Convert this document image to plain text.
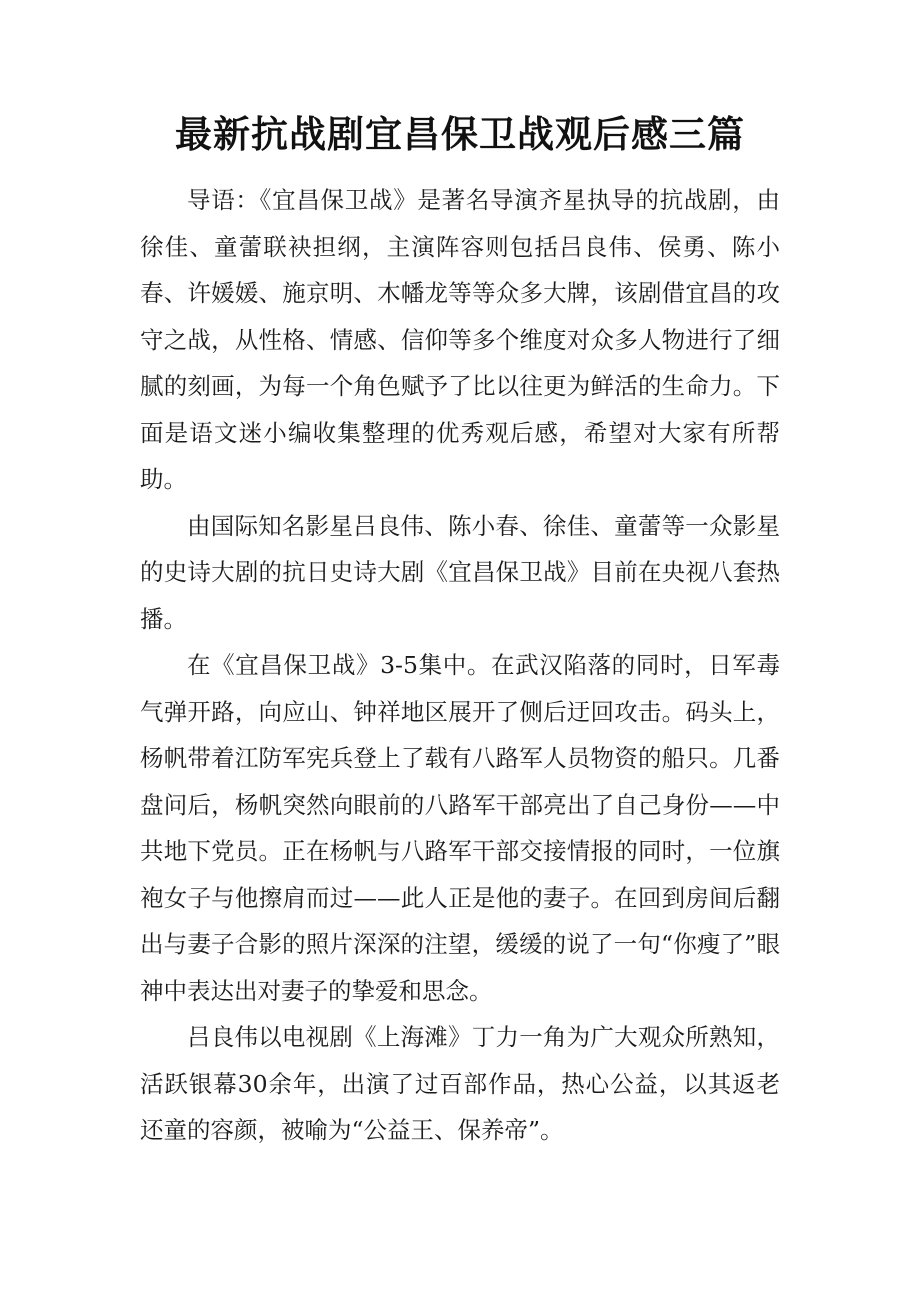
最新抗战剧宜昌保卫战观后感三篇

导语：《宜昌保卫战》是著名导演齐星执导的抗战剧，由徐佳、童蕾联袂担纲，主演阵容则包括吕良伟、侯勇、陈小春、许媛媛、施京明、木幡龙等等众多大牌，该剧借宜昌的攻守之战，从性格、情感、信仰等多个维度对众多人物进行了细腻的刻画，为每一个角色赋予了比以往更为鲜活的生命力。下面是语文迷小编收集整理的优秀观后感，希望对大家有所帮助。

由国际知名影星吕良伟、陈小春、徐佳、童蕾等一众影星的史诗大剧的抗日史诗大剧《宜昌保卫战》目前在央视八套热播。

在《宜昌保卫战》3-5集中。在武汉陷落的同时，日军毒气弹开路，向应山、钟祥地区展开了侧后迂回攻击。码头上，杨帆带着江防军宪兵登上了载有八路军人员物资的船只。几番盘问后，杨帆突然向眼前的八路军干部亮出了自己身份——中共地下党员。正在杨帆与八路军干部交接情报的同时，一位旗袍女子与他擦肩而过——此人正是他的妻子。在回到房间后翻出与妻子合影的照片深深的注望，缓缓的说了一句“你瘦了”眼神中表达出对妻子的挚爱和思念。

吕良伟以电视剧《上海滩》丁力一角为广大观众所熟知，活跃银幕30余年，出演了过百部作品，热心公益，以其返老还童的容颜，被喻为“公益王、保养帝”。
